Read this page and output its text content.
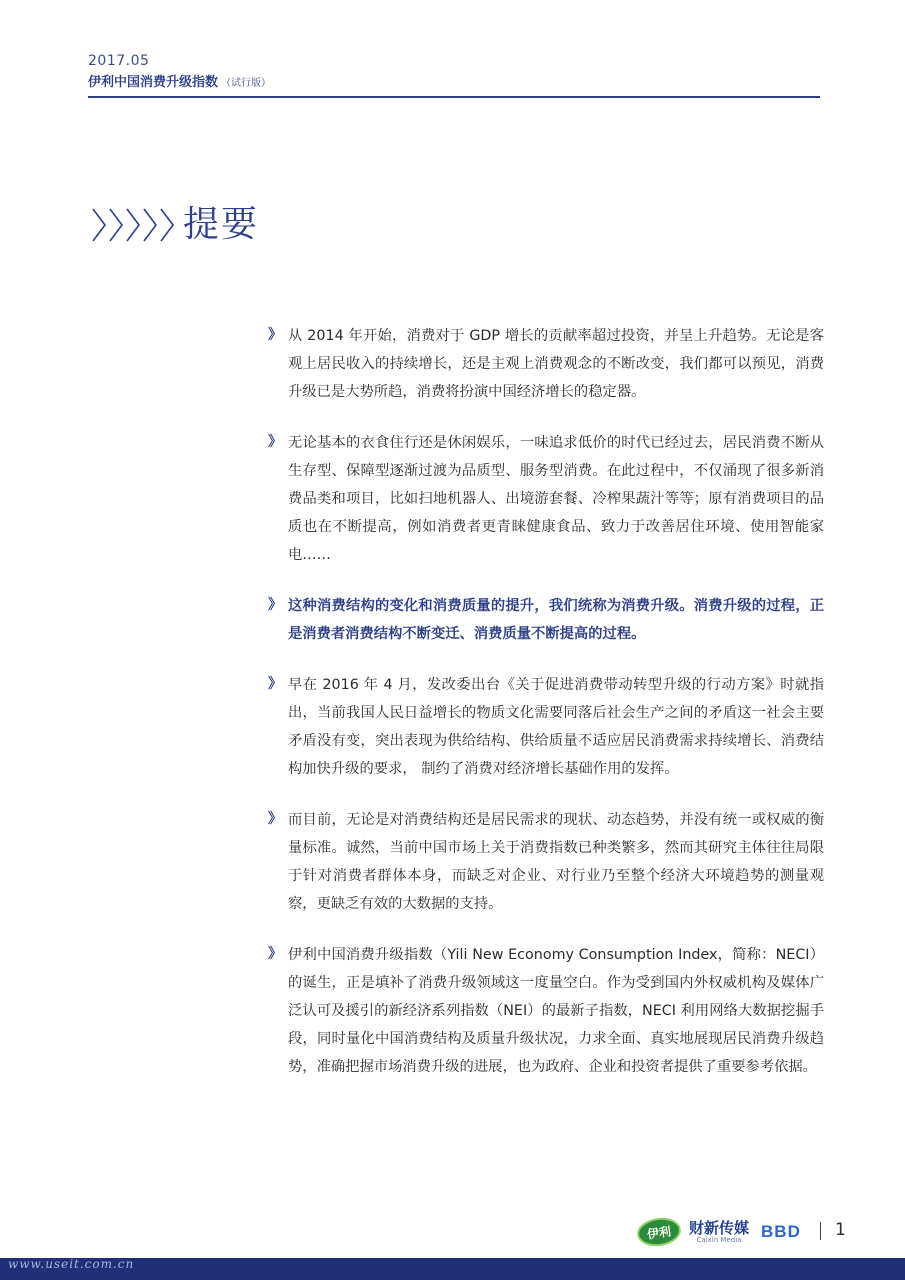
2017.05
伊利中国消费升级指数 （试行版）
提要
》 从 2014 年开始，消费对于 GDP 增长的贡献率超过投资，并呈上升趋势。无论是客观上居民收入的持续增长，还是主观上消费观念的不断改变，我们都可以预见，消费升级已是大势所趋，消费将扮演中国经济增长的稳定器。
》 无论基本的衣食住行还是休闲娱乐，一味追求低价的时代已经过去，居民消费不断从生存型、保障型逐渐过渡为品质型、服务型消费。在此过程中，不仅涌现了很多新消费品类和项目，比如扫地机器人、出境游套餐、冷榨果蔬汁等等；原有消费项目的品质也在不断提高，例如消费者更青睐健康食品、致力于改善居住环境、使用智能家电……
》 这种消费结构的变化和消费质量的提升，我们统称为消费升级。消费升级的过程，正是消费者消费结构不断变迁、消费质量不断提高的过程。
》 早在 2016 年 4 月，发改委出台《关于促进消费带动转型升级的行动方案》时就指出，当前我国人民日益增长的物质文化需要同落后社会生产之间的矛盾这一社会主要矛盾没有变，突出表现为供给结构、供给质量不适应居民消费需求持续增长、消费结构加快升级的要求， 制约了消费对经济增长基础作用的发挥。
》 而目前，无论是对消费结构还是居民需求的现状、动态趋势，并没有统一或权威的衡量标准。诚然，当前中国市场上关于消费指数已种类繁多，然而其研究主体往往局限于针对消费者群体本身，而缺乏对企业、对行业乃至整个经济大环境趋势的测量观察，更缺乏有效的大数据的支持。
》 伊利中国消费升级指数（Yili New Economy Consumption Index，简称：NECI）的诞生，正是填补了消费升级领域这一度量空白。作为受到国内外权威机构及媒体广泛认可及援引的新经济系列指数（NEI）的最新子指数，NECI 利用网络大数据挖掘手段，同时量化中国消费结构及质量升级状况，力求全面、真实地展现居民消费升级趋势，准确把握市场消费升级的进展，也为政府、企业和投资者提供了重要参考依据。
伊利	财新传媒
Caixin Media BBD 1
www.useit.com.cn
